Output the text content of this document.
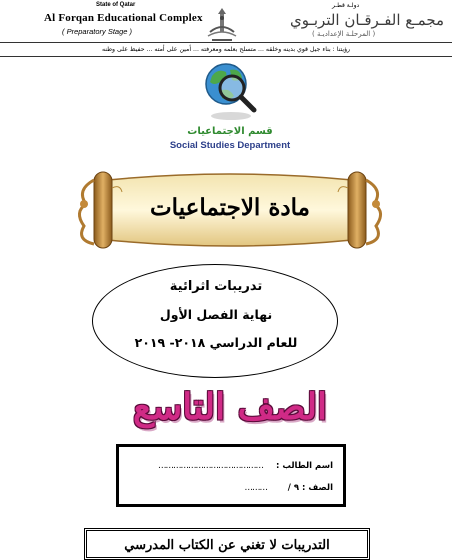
State of Qatar	دولـة قطـر
Al Forqan Educational Complex
( Preparatory Stage )
مجمـع الفـرقـان التربـوي
( المرحلـة الإعداديـة )
رؤيتنا : بناء جيل قوي بدينه وخلقه ... متسلح بعلمه ومعرفته ... أمين على أمته ... حفيظ على وطنه
قسم الاجتماعيات
Social Studies Department
مادة الاجتماعيات
تدريبات اثرائية
نهاية الفصل الأول
للعام الدراسي ٢٠١٨- ٢٠١٩
الصف التاسع
اسم الطالب :
……………………………………
الصف : ٩ /
………
التدريبات لا تغني عن الكتاب المدرسي
